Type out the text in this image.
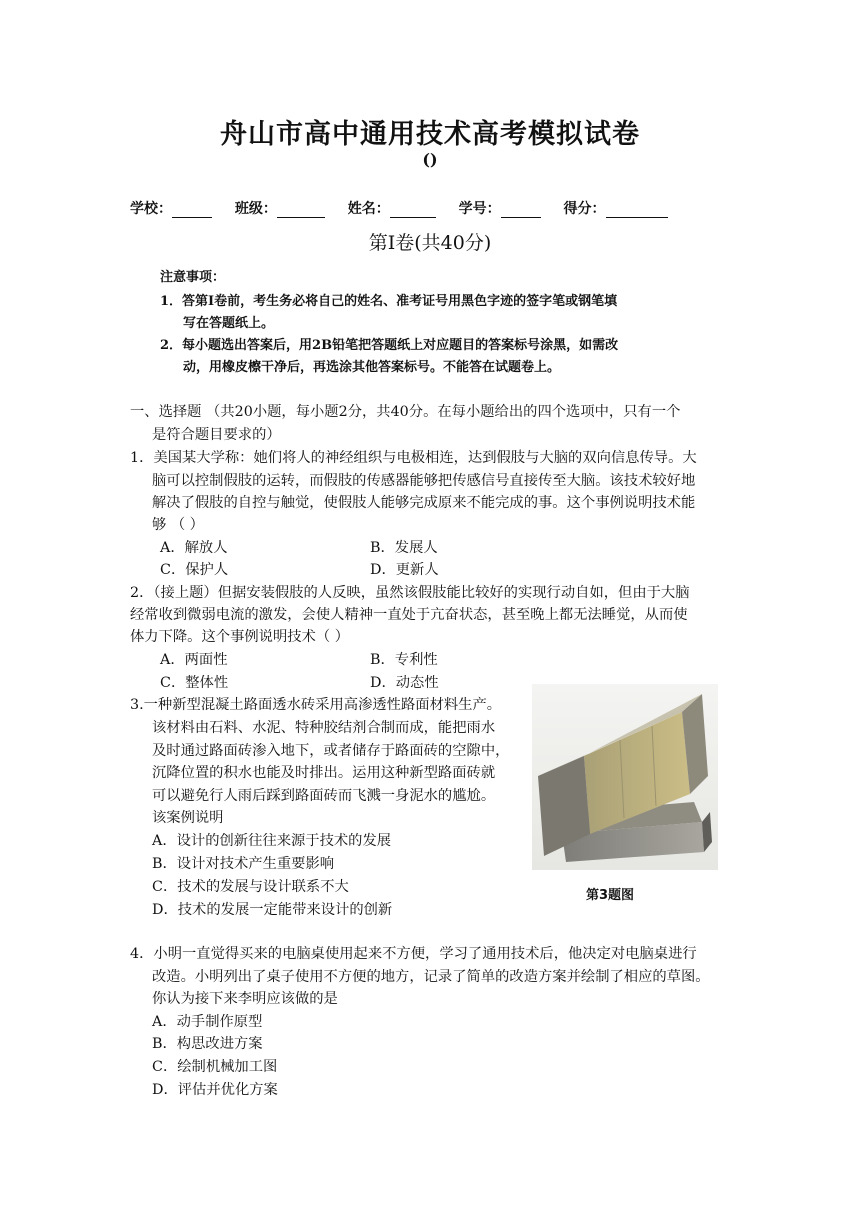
舟山市高中通用技术高考模拟试卷
()
学校：	班级：	姓名：	学号：	得分：
第Ⅰ卷(共40分)
注意事项：
1．答第Ⅰ卷前，考生务必将自己的姓名、准考证号用黑色字迹的签字笔或钢笔填
写在答题纸上。
2．每小题选出答案后，用2B铅笔把答题纸上对应题目的答案标号涂黑，如需改
动，用橡皮檫干净后，再选涂其他答案标号。不能答在试题卷上。
一、选择题 （共20小题，每小题2分，共40分。在每小题给出的四个选项中，只有一个
是符合题目要求的）
1．美国某大学称：她们将人的神经组织与电极相连，达到假肢与大脑的双向信息传导。大
脑可以控制假肢的运转，而假肢的传感器能够把传感信号直接传至大脑。该技术较好地
解决了假肢的自控与触觉，使假肢人能够完成原来不能完成的事。这个事例说明技术能
够 （ ）
A．解放人	B．发展人
C．保护人	D．更新人
2．（接上题）但据安装假肢的人反映，虽然该假肢能比较好的实现行动自如，但由于大脑
经常收到微弱电流的激发，会使人精神一直处于亢奋状态，甚至晚上都无法睡觉，从而使
体力下降。这个事例说明技术（ ）
A．两面性	B．专利性
C．整体性	D．动态性
3.一种新型混凝土路面透水砖采用高渗透性路面材料生产。
该材料由石料、水泥、特种胶结剂合制而成，能把雨水
及时通过路面砖渗入地下，或者储存于路面砖的空隙中，
沉降位置的积水也能及时排出。运用这种新型路面砖就
可以避免行人雨后踩到路面砖而飞溅一身泥水的尴尬。
该案例说明
A．设计的创新往往来源于技术的发展
B．设计对技术产生重要影响
C．技术的发展与设计联系不大
D．技术的发展一定能带来设计的创新
第3题图
4．小明一直觉得买来的电脑桌使用起来不方便，学习了通用技术后，他决定对电脑桌进行
改造。小明列出了桌子使用不方便的地方，记录了简单的改造方案并绘制了相应的草图。
你认为接下来李明应该做的是
A．动手制作原型
B．构思改进方案
C．绘制机械加工图
D．评估并优化方案
